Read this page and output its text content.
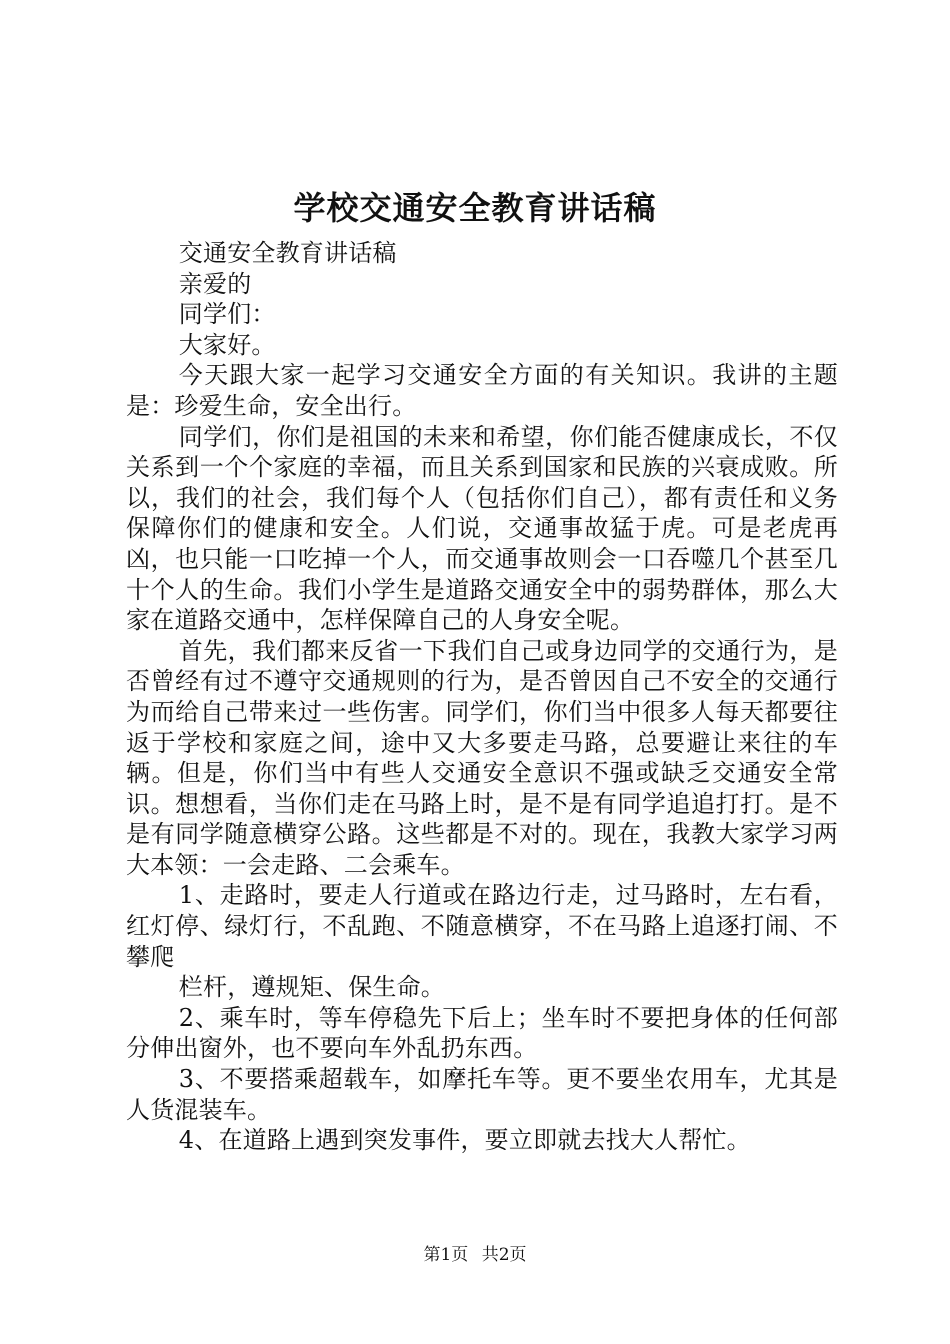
学校交通安全教育讲话稿

交通安全教育讲话稿

亲爱的

同学们：

大家好。

今天跟大家一起学习交通安全方面的有关知识。我讲的主题是：珍爱生命，安全出行。

同学们，你们是祖国的未来和希望，你们能否健康成长，不仅关系到一个个家庭的幸福，而且关系到国家和民族的兴衰成败。所以，我们的社会，我们每个人（包括你们自己），都有责任和义务保障你们的健康和安全。人们说，交通事故猛于虎。可是老虎再凶，也只能一口吃掉一个人，而交通事故则会一口吞噬几个甚至几十个人的生命。我们小学生是道路交通安全中的弱势群体，那么大家在道路交通中，怎样保障自己的人身安全呢。

首先，我们都来反省一下我们自己或身边同学的交通行为，是否曾经有过不遵守交通规则的行为，是否曾因自己不安全的交通行为而给自己带来过一些伤害。同学们，你们当中很多人每天都要往返于学校和家庭之间，途中又大多要走马路，总要避让来往的车辆。但是，你们当中有些人交通安全意识不强或缺乏交通安全常识。想想看，当你们走在马路上时，是不是有同学追追打打。是不是有同学随意横穿公路。这些都是不对的。现在，我教大家学习两大本领：一会走路、二会乘车。

1、走路时，要走人行道或在路边行走，过马路时，左右看，红灯停、绿灯行，不乱跑、不随意横穿，不在马路上追逐打闹、不攀爬

栏杆，遵规矩、保生命。

2、乘车时，等车停稳先下后上；坐车时不要把身体的任何部分伸出窗外，也不要向车外乱扔东西。

3、不要搭乘超载车，如摩托车等。更不要坐农用车，尤其是人货混装车。

4、在道路上遇到突发事件，要立即就去找大人帮忙。

第1页 共2页
